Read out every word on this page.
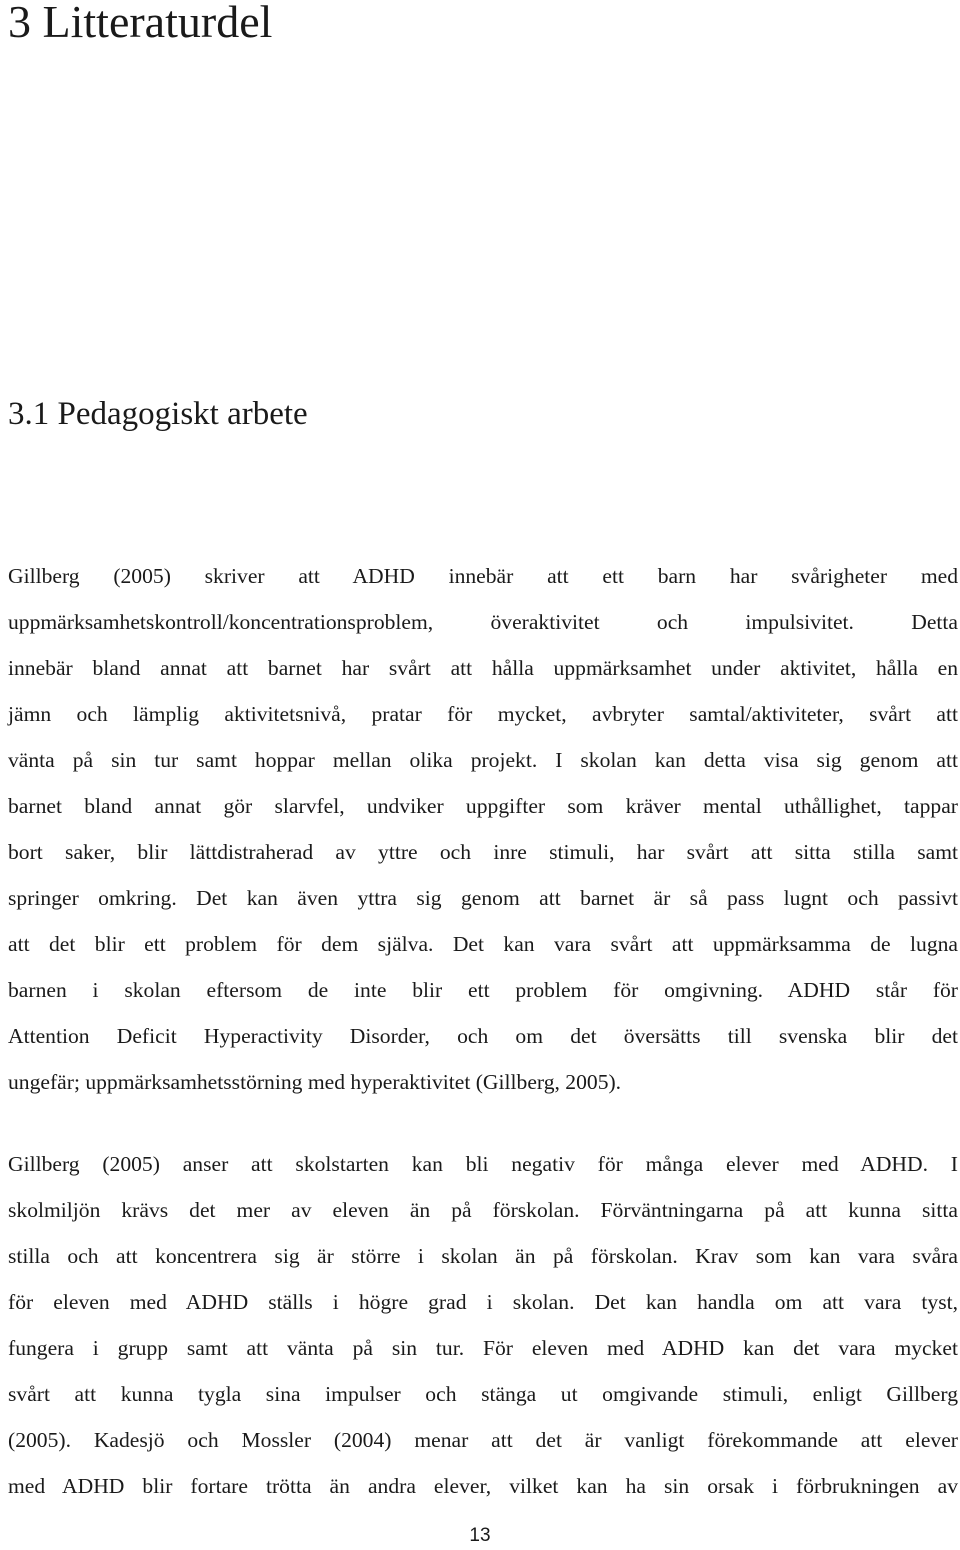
3 Litteraturdel
3.1 Pedagogiskt arbete
Gillberg (2005) skriver att ADHD innebär att ett barn har svårigheter med
uppmärksamhetskontroll/koncentrationsproblem, överaktivitet och impulsivitet. Detta
innebär bland annat att barnet har svårt att hålla uppmärksamhet under aktivitet, hålla en
jämn och lämplig aktivitetsnivå, pratar för mycket, avbryter samtal/aktiviteter, svårt att
vänta på sin tur samt hoppar mellan olika projekt. I skolan kan detta visa sig genom att
barnet bland annat gör slarvfel, undviker uppgifter som kräver mental uthållighet, tappar
bort saker, blir lättdistraherad av yttre och inre stimuli, har svårt att sitta stilla samt
springer omkring. Det kan även yttra sig genom att barnet är så pass lugnt och passivt
att det blir ett problem för dem själva. Det kan vara svårt att uppmärksamma de lugna
barnen i skolan eftersom de inte blir ett problem för omgivning. ADHD står för
Attention Deficit Hyperactivity Disorder, och om det översätts till svenska blir det
ungefär; uppmärksamhetsstörning med hyperaktivitet (Gillberg, 2005).
Gillberg (2005) anser att skolstarten kan bli negativ för många elever med ADHD. I
skolmiljön krävs det mer av eleven än på förskolan. Förväntningarna på att kunna sitta
stilla och att koncentrera sig är större i skolan än på förskolan. Krav som kan vara svåra
för eleven med ADHD ställs i högre grad i skolan. Det kan handla om att vara tyst,
fungera i grupp samt att vänta på sin tur. För eleven med ADHD kan det vara mycket
svårt att kunna tygla sina impulser och stänga ut omgivande stimuli, enligt Gillberg
(2005). Kadesjö och Mossler (2004) menar att det är vanligt förekommande att elever
med ADHD blir fortare trötta än andra elever, vilket kan ha sin orsak i förbrukningen av
13
